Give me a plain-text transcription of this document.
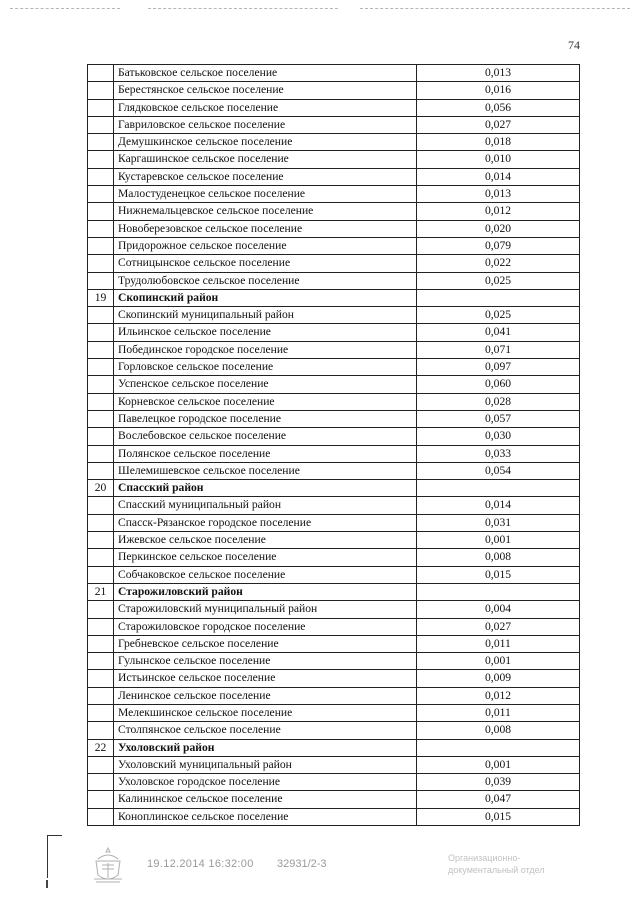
74
	Батьковское сельское поселение	0,013
	Берестянское сельское поселение	0,016
	Глядковское сельское поселение	0,056
	Гавриловское сельское поселение	0,027
	Демушкинское сельское поселение	0,018
	Каргашинское сельское поселение	0,010
	Кустаревское сельское поселение	0,014
	Малостуденецкое сельское поселение	0,013
	Нижнемальцевское сельское поселение	0,012
	Новоберезовское сельское поселение	0,020
	Придорожное сельское поселение	0,079
	Сотницынское сельское поселение	0,022
	Трудолюбовское сельское поселение	0,025
19	Скопинский район	
	Скопинский муниципальный район	0,025
	Ильинское сельское поселение	0,041
	Побединское городское поселение	0,071
	Горловское сельское поселение	0,097
	Успенское сельское поселение	0,060
	Корневское сельское поселение	0,028
	Павелецкое городское поселение	0,057
	Вослебовское сельское поселение	0,030
	Полянское сельское поселение	0,033
	Шелемишевское сельское поселение	0,054
20	Спасский район	
	Спасский муниципальный район	0,014
	Спасск-Рязанское городское поселение	0,031
	Ижевское сельское поселение	0,001
	Перкинское сельское поселение	0,008
	Собчаковское сельское поселение	0,015
21	Старожиловский район	
	Старожиловский муниципальный район	0,004
	Старожиловское городское поселение	0,027
	Гребневское сельское поселение	0,011
	Гулынское сельское поселение	0,001
	Истьинское сельское поселение	0,009
	Ленинское сельское поселение	0,012
	Мелекшинское сельское поселение	0,011
	Столпянское сельское поселение	0,008
22	Ухоловский район	
	Ухоловский муниципальный район	0,001
	Ухоловское городское поселение	0,039
	Калининское сельское поселение	0,047
	Коноплинское сельское поселение	0,015
19.12.2014 16:32:00 32931/2-3	Организационно-
документальный отдел
